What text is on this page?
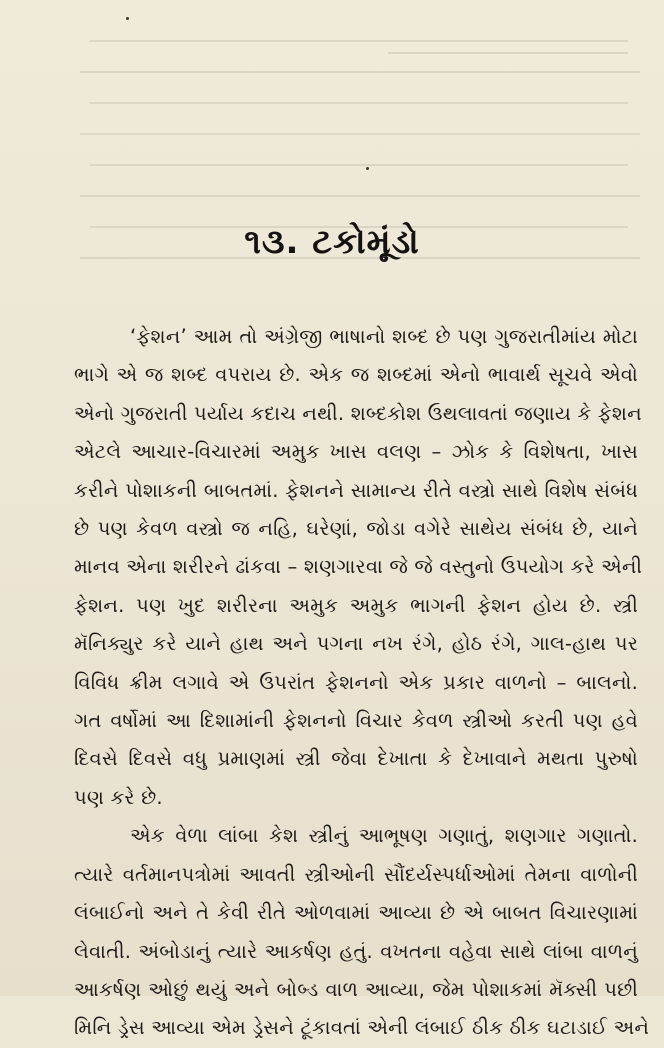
૧૩. ટકોમૂંડો
‘ફેશન’ આમ તો અંગ્રેજી ભાષાનો શબ્દ છે પણ ગુજરાતીમાંય મોટા
ભાગે એ જ શબ્દ વપરાય છે. એક જ શબ્દમાં એનો ભાવાર્થ સૂચવે એવો
એનો ગુજરાતી પર્યાય કદાચ નથી. શબ્દકોશ ઉથલાવતાં જણાય કે ફેશન
એટલે આચાર-વિચારમાં અમુક ખાસ વલણ – ઝોક કે વિશેષતા, ખાસ
કરીને પોશાકની બાબતમાં. ફેશનને સામાન્ય રીતે વસ્ત્રો સાથે વિશેષ સંબંધ
છે પણ કેવળ વસ્ત્રો જ નહિ, ઘરેણાં, જોડા વગેરે સાથેય સંબંધ છે, યાને
માનવ એના શરીરને ઢાંકવા – શણગારવા જે જે વસ્તુનો ઉપયોગ કરે એની
ફેશન. પણ ખુદ શરીરના અમુક અમુક ભાગની ફેશન હોય છે. સ્ત્રી
મૅનિક્યુર કરે યાને હાથ અને પગના નખ રંગે, હોઠ રંગે, ગાલ-હાથ પર
વિવિધ ક્રીમ લગાવે એ ઉપરાંત ફેશનનો એક પ્રકાર વાળનો – બાલનો.
ગત વર્ષોમાં આ દિશામાંની ફેશનનો વિચાર કેવળ સ્ત્રીઓ કરતી પણ હવે
દિવસે દિવસે વધુ પ્રમાણમાં સ્ત્રી જેવા દેખાતા કે દેખાવાને મથતા પુરુષો
પણ કરે છે.
એક વેળા લાંબા કેશ સ્ત્રીનું આભૂષણ ગણાતું, શણગાર ગણાતો.
ત્યારે વર્તમાનપત્રોમાં આવતી સ્ત્રીઓની સૌંદર્યસ્પર્ધાઓમાં તેમના વાળોની
લંબાઈનો અને તે કેવી રીતે ઓળવામાં આવ્યા છે એ બાબત વિચારણામાં
લેવાતી. અંબોડાનું ત્યારે આકર્ષણ હતું. વખતના વહેવા સાથે લાંબા વાળનું
આકર્ષણ ઓછું થયું અને બોબ્ડ વાળ આવ્યા, જેમ પોશાકમાં મૅક્સી પછી
મિનિ ડ્રેસ આવ્યા એમ ડ્રેસને ટૂંકાવતાં એની લંબાઈ ઠીક ઠીક ઘટાડાઈ અને
